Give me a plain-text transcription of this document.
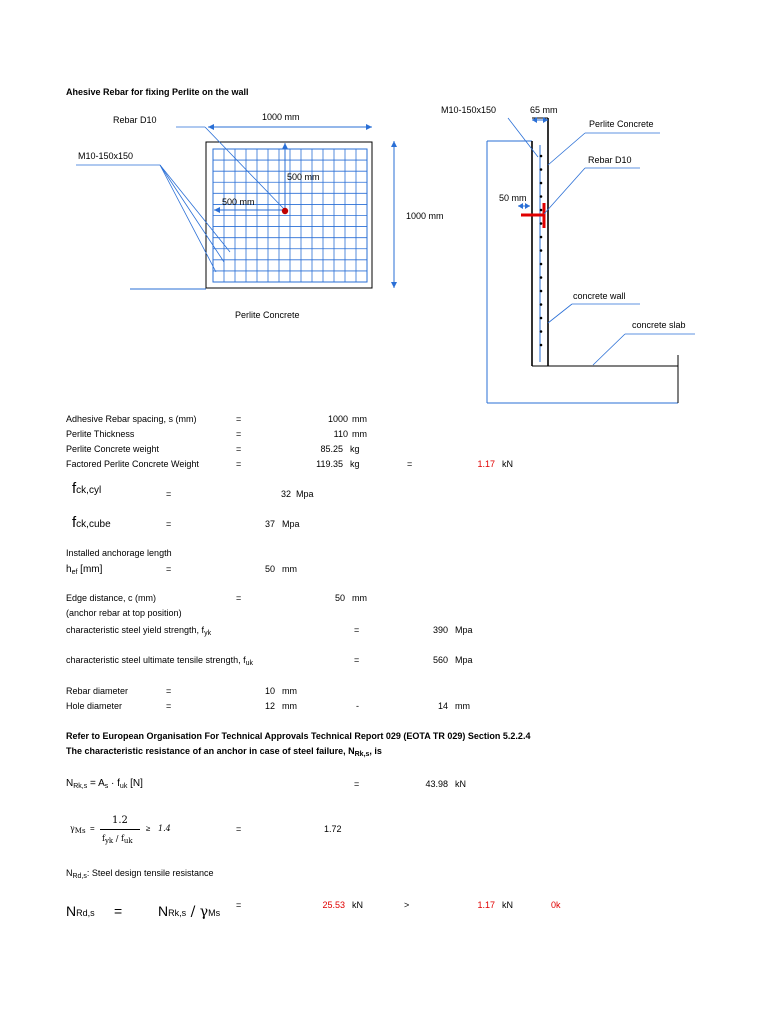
Ahesive Rebar for fixing Perlite on the wall
Rebar D10	1000 mm
M10-150x150
500 mm
500 mm
1000 mm
Perlite Concrete
M10-150x150	65 mm
Perlite Concrete
Rebar D10
50 mm
concrete wall
concrete slab
Adhesive Rebar spacing, s (mm)	=	1000 mm
Perlite Thickness	=	110 mm
Perlite Concrete weight	=	85.25 kg
Factored Perlite Concrete Weight	=	119.35 kg	=	1.17 kN
fck,cyl	=	32 Mpa
fck,cube	=	37 Mpa
Installed anchorage length
$h_{ef}$ [mm]	=	50 mm
Edge distance, c (mm)	=	50 mm
(anchor rebar at top position)
characteristic steel yield strength, $f_{yk}$	=	390 Mpa
characteristic steel ultimate tensile strength, $f_{uk}$	=	560 Mpa
Rebar diameter	=	10 mm
Hole diameter	=	12 mm	-	14 mm
Refer to European Organisation For Technical Approvals Technical Report 029 (EOTA TR 029) Section 5.2.2.4
The characteristic resistance of an anchor in case of steel failure, $N_{Rk,s}$, is
$N_{Rk,s} = A_s \cdot f_{uk}$ [N]	=	43.98 kN
$\gamma_{Ms}$ =
1.2
$f_{yk} / f_{uk}$
≥ 1.4	=	1.72
$N_{Rd,s}$: Steel design tensile resistance
NRd,s =	NRk,s / γMs
=	25.53 kN	>	1.17 kN	0k
